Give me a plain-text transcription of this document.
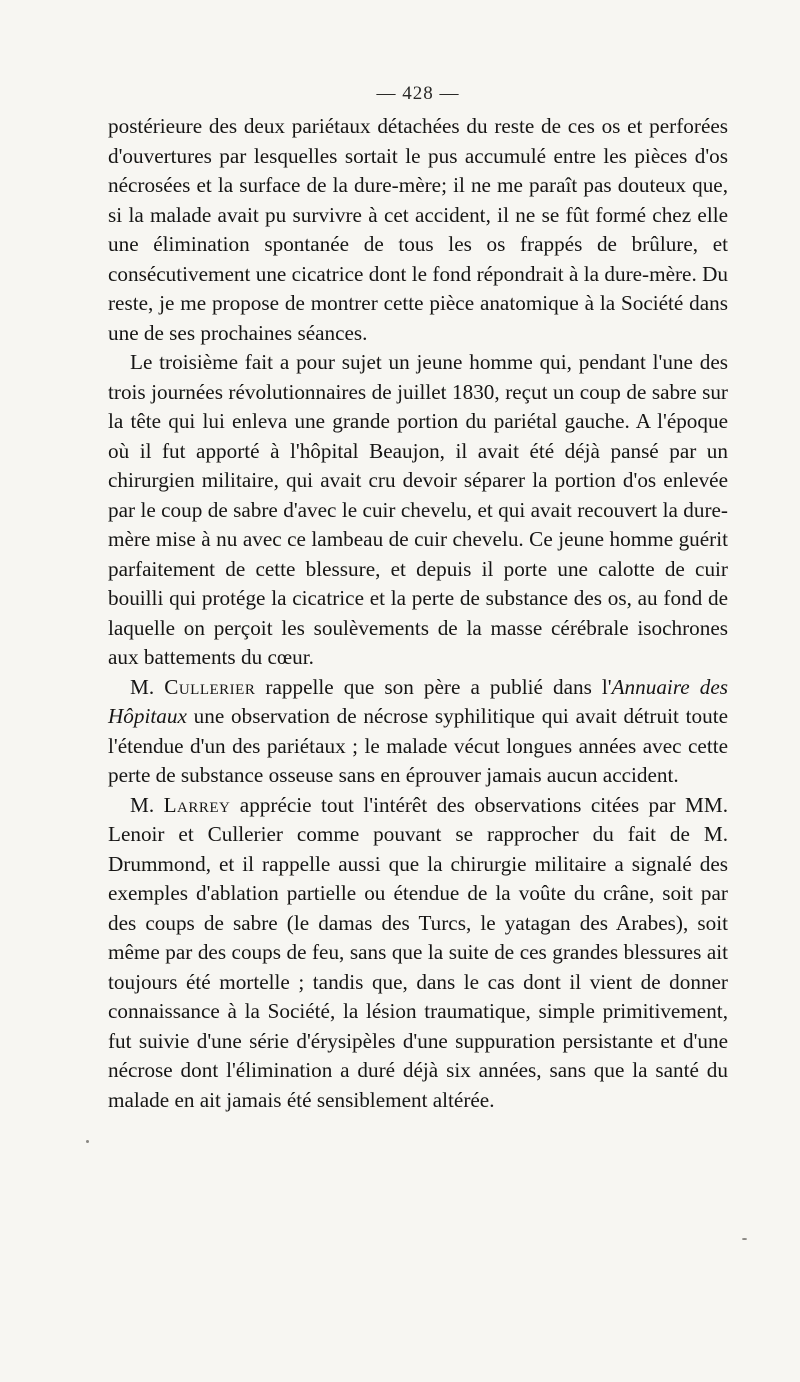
— 428 —

postérieure des deux pariétaux détachées du reste de ces os et perforées d'ouvertures par lesquelles sortait le pus accumulé entre les pièces d'os nécrosées et la surface de la dure-mère; il ne me paraît pas douteux que, si la malade avait pu survivre à cet accident, il ne se fût formé chez elle une élimination spontanée de tous les os frappés de brûlure, et consécutivement une cicatrice dont le fond répondrait à la dure-mère. Du reste, je me propose de montrer cette pièce anatomique à la Société dans une de ses prochaines séances.

Le troisième fait a pour sujet un jeune homme qui, pendant l'une des trois journées révolutionnaires de juillet 1830, reçut un coup de sabre sur la tête qui lui enleva une grande portion du pariétal gauche. A l'époque où il fut apporté à l'hôpital Beaujon, il avait été déjà pansé par un chirurgien militaire, qui avait cru devoir séparer la portion d'os enlevée par le coup de sabre d'avec le cuir chevelu, et qui avait recouvert la dure-mère mise à nu avec ce lambeau de cuir chevelu. Ce jeune homme guérit parfaitement de cette blessure, et depuis il porte une calotte de cuir bouilli qui protége la cicatrice et la perte de substance des os, au fond de laquelle on perçoit les soulèvements de la masse cérébrale isochrones aux battements du cœur.

M. Cullerier rappelle que son père a publié dans l'Annuaire des Hôpitaux une observation de nécrose syphilitique qui avait détruit toute l'étendue d'un des pariétaux ; le malade vécut longues années avec cette perte de substance osseuse sans en éprouver jamais aucun accident.

M. Larrey apprécie tout l'intérêt des observations citées par MM. Lenoir et Cullerier comme pouvant se rapprocher du fait de M. Drummond, et il rappelle aussi que la chirurgie militaire a signalé des exemples d'ablation partielle ou étendue de la voûte du crâne, soit par des coups de sabre (le damas des Turcs, le yatagan des Arabes), soit même par des coups de feu, sans que la suite de ces grandes blessures ait toujours été mortelle ; tandis que, dans le cas dont il vient de donner connaissance à la Société, la lésion traumatique, simple primitivement, fut suivie d'une série d'érysipèles d'une suppuration persistante et d'une nécrose dont l'élimination a duré déjà six années, sans que la santé du malade en ait jamais été sensiblement altérée.
